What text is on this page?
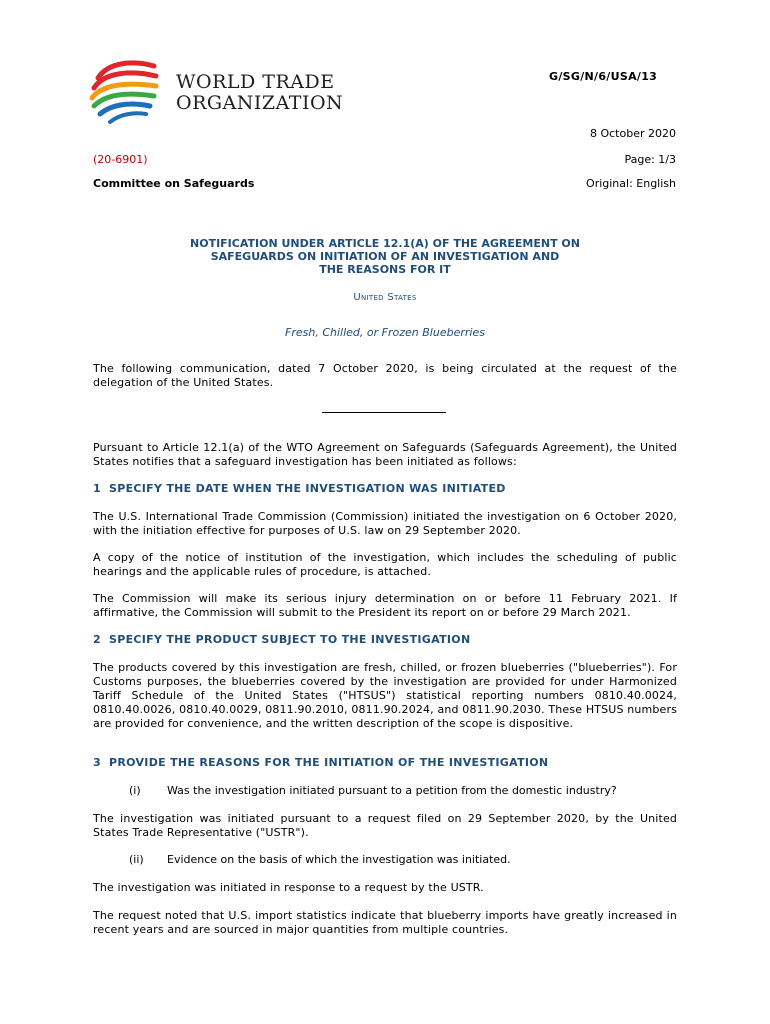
WORLD TRADE
ORGANIZATION
G/SG/N/6/USA/13
8 October 2020
(20-6901)	Page: 1/3
Committee on Safeguards	Original: English
NOTIFICATION UNDER ARTICLE 12.1(A) OF THE AGREEMENT ON
SAFEGUARDS ON INITIATION OF AN INVESTIGATION AND
THE REASONS FOR IT
United States
Fresh, Chilled, or Frozen Blueberries
The following communication, dated 7 October 2020, is being circulated at the request of the delegation of the United States.
Pursuant to Article 12.1(a) of the WTO Agreement on Safeguards (Safeguards Agreement), the United States notifies that a safeguard investigation has been initiated as follows:
1 SPECIFY THE DATE WHEN THE INVESTIGATION WAS INITIATED
The U.S. International Trade Commission (Commission) initiated the investigation on 6 October 2020, with the initiation effective for purposes of U.S. law on 29 September 2020.
A copy of the notice of institution of the investigation, which includes the scheduling of public hearings and the applicable rules of procedure, is attached.
The Commission will make its serious injury determination on or before 11 February 2021. If affirmative, the Commission will submit to the President its report on or before 29 March 2021.
2 SPECIFY THE PRODUCT SUBJECT TO THE INVESTIGATION
The products covered by this investigation are fresh, chilled, or frozen blueberries ("blueberries"). For Customs purposes, the blueberries covered by the investigation are provided for under Harmonized Tariff Schedule of the United States ("HTSUS") statistical reporting numbers 0810.40.0024, 0810.40.0026, 0810.40.0029, 0811.90.2010, 0811.90.2024, and 0811.90.2030. These HTSUS numbers are provided for convenience, and the written description of the scope is dispositive.
3 PROVIDE THE REASONS FOR THE INITIATION OF THE INVESTIGATION
(i) Was the investigation initiated pursuant to a petition from the domestic industry?
The investigation was initiated pursuant to a request filed on 29 September 2020, by the United States Trade Representative ("USTR").
(ii) Evidence on the basis of which the investigation was initiated.
The investigation was initiated in response to a request by the USTR.
The request noted that U.S. import statistics indicate that blueberry imports have greatly increased in recent years and are sourced in major quantities from multiple countries.
